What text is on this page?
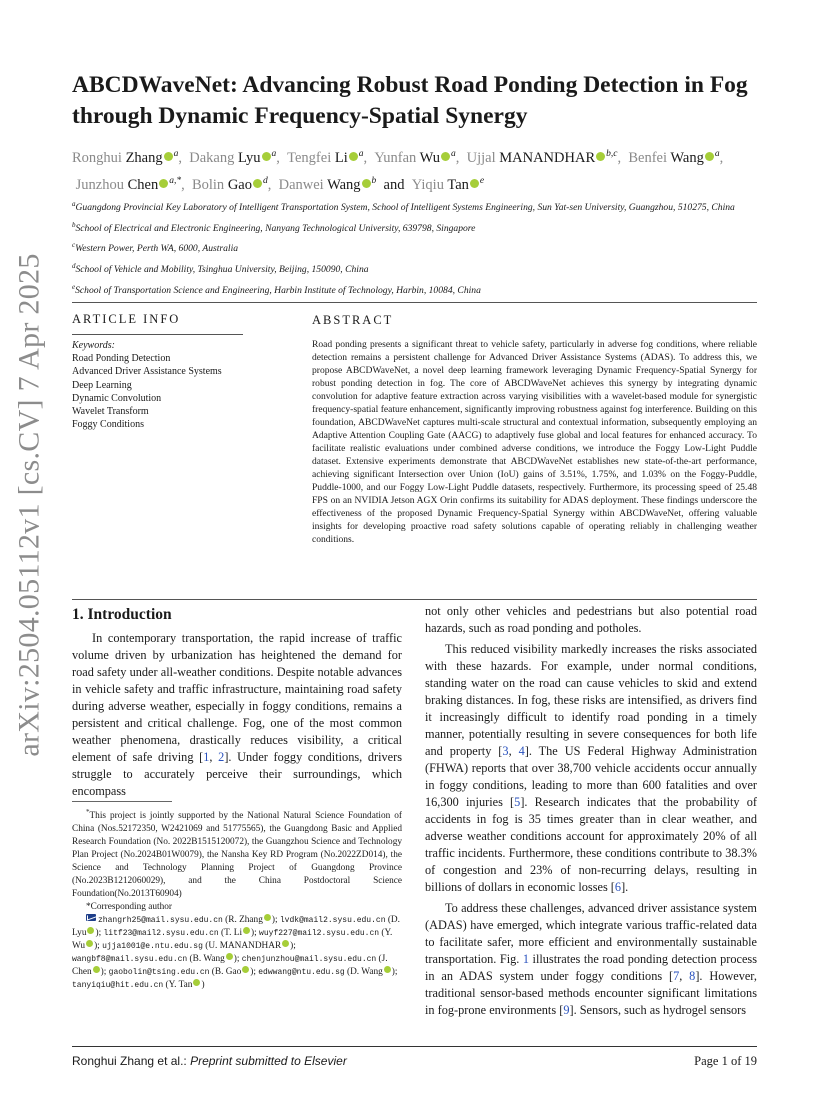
arXiv:2504.05112v1 [cs.CV] 7 Apr 2025
ABCDWaveNet: Advancing Robust Road Ponding Detection in Fog through Dynamic Frequency-Spatial Synergy
Ronghui Zhang $^a$,  Dakang Lyu $^a$,  Tengfei Li $^a$,  Yunfan Wu $^a$,  Ujjal MANANDHAR $^{b,c}$,  Benfei Wang $^a$,  Junzhou Chen $^{a,*}$,  Bolin Gao $^d$,  Danwei Wang $^b$ and Yiqiu Tan $^e$

$^a$Guangdong Provincial Key Laboratory of Intelligent Transportation System, School of Intelligent Systems Engineering, Sun Yat-sen University, Guangzhou, 510275, China

$^b$School of Electrical and Electronic Engineering, Nanyang Technological University, 639798, Singapore

$^c$Western Power, Perth WA, 6000, Australia

$^d$School of Vehicle and Mobility, Tsinghua University, Beijing, 150090, China

$^e$School of Transportation Science and Engineering, Harbin Institute of Technology, Harbin, 10084, China

ARTICLE INFO	ABSTRACT
Keywords:
Road Ponding Detection
Advanced Driver Assistance Systems
Deep Learning
Dynamic Convolution
Wavelet Transform
Foggy Conditions
Road ponding presents a significant threat to vehicle safety, particularly in adverse fog conditions, where reliable detection remains a persistent challenge for Advanced Driver Assistance Systems (ADAS). To address this, we propose ABCDWaveNet, a novel deep learning framework leveraging Dynamic Frequency-Spatial Synergy for robust ponding detection in fog. The core of ABCDWaveNet achieves this synergy by integrating dynamic convolution for adaptive feature extraction across varying visibilities with a wavelet-based module for synergistic frequency-spatial feature enhancement, significantly improving robustness against fog interference. Building on this foundation, ABCDWaveNet captures multi-scale structural and contextual information, subsequently employing an Adaptive Attention Coupling Gate (AACG) to adaptively fuse global and local features for enhanced accuracy. To facilitate realistic evaluations under combined adverse conditions, we introduce the Foggy Low-Light Puddle dataset. Extensive experiments demonstrate that ABCDWaveNet establishes new state-of-the-art performance, achieving significant Intersection over Union (IoU) gains of 3.51%, 1.75%, and 1.03% on the Foggy-Puddle, Puddle-1000, and our Foggy Low-Light Puddle datasets, respectively. Furthermore, its processing speed of 25.48 FPS on an NVIDIA Jetson AGX Orin confirms its suitability for ADAS deployment. These findings underscore the effectiveness of the proposed Dynamic Frequency-Spatial Synergy within ABCDWaveNet, offering valuable insights for developing proactive road safety solutions capable of operating reliably in challenging weather conditions.
1. Introduction

In contemporary transportation, the rapid increase of traffic volume driven by urbanization has heightened the demand for road safety under all-weather conditions. Despite notable advances in vehicle safety and traffic infrastructure, maintaining road safety during adverse weather, especially in foggy conditions, remains a persistent and critical challenge. Fog, one of the most common weather phenomena, drastically reduces visibility, a critical element of safe driving [1, 2]. Under foggy conditions, drivers struggle to accurately perceive their surroundings, which encompass

*This project is jointly supported by the National Natural Science Foundation of China (Nos.52172350, W2421069 and 51775565), the Guangdong Basic and Applied Research Foundation (No. 2022B1515120072), the Guangzhou Science and Technology Plan Project (No.2024B01W0079), the Nansha Key RD Program (No.2022ZD014), the Science and Technology Planning Project of Guangdong Province (No.2023B1212060029), and the China Postdoctoral Science Foundation(No.2013T60904)

*Corresponding author

zhangrh25@mail.sysu.edu.cn (R. Zhang ); lvdk@mail2.sysu.edu.cn (D. Lyu ); litf23@mail2.sysu.edu.cn (T. Li ); wuyf227@mail2.sysu.edu.cn (Y. Wu ); ujja1001@e.ntu.edu.sg (U. MANANDHAR ); wangbf8@mail.sysu.edu.cn (B. Wang ); chenjunzhou@mail.sysu.edu.cn (J. Chen ); gaobolin@tsing.edu.cn (B. Gao ); edwwang@ntu.edu.sg (D. Wang ); tanyiqiu@hit.edu.cn (Y. Tan )

not only other vehicles and pedestrians but also potential road hazards, such as road ponding and potholes.

This reduced visibility markedly increases the risks associated with these hazards. For example, under normal conditions, standing water on the road can cause vehicles to skid and extend braking distances. In fog, these risks are intensified, as drivers find it increasingly difficult to identify road ponding in a timely manner, potentially resulting in severe consequences for both life and property [3, 4]. The US Federal Highway Administration (FHWA) reports that over 38,700 vehicle accidents occur annually in foggy conditions, leading to more than 600 fatalities and over 16,300 injuries [5]. Research indicates that the probability of accidents in fog is 35 times greater than in clear weather, and adverse weather conditions account for approximately 20% of all traffic incidents. Furthermore, these conditions contribute to 38.3% of congestion and 23% of non-recurring delays, resulting in billions of dollars in economic losses [6].

To address these challenges, advanced driver assistance system (ADAS) have emerged, which integrate various traffic-related data to facilitate safer, more efficient and environmentally sustainable transportation. Fig. 1 illustrates the road ponding detection process in an ADAS system under foggy conditions [7, 8]. However, traditional sensor-based methods encounter significant limitations in fog-prone environments [9]. Sensors, such as hydrogel sensors

Ronghui Zhang et al.: Preprint submitted to Elsevier	Page 1 of 19
